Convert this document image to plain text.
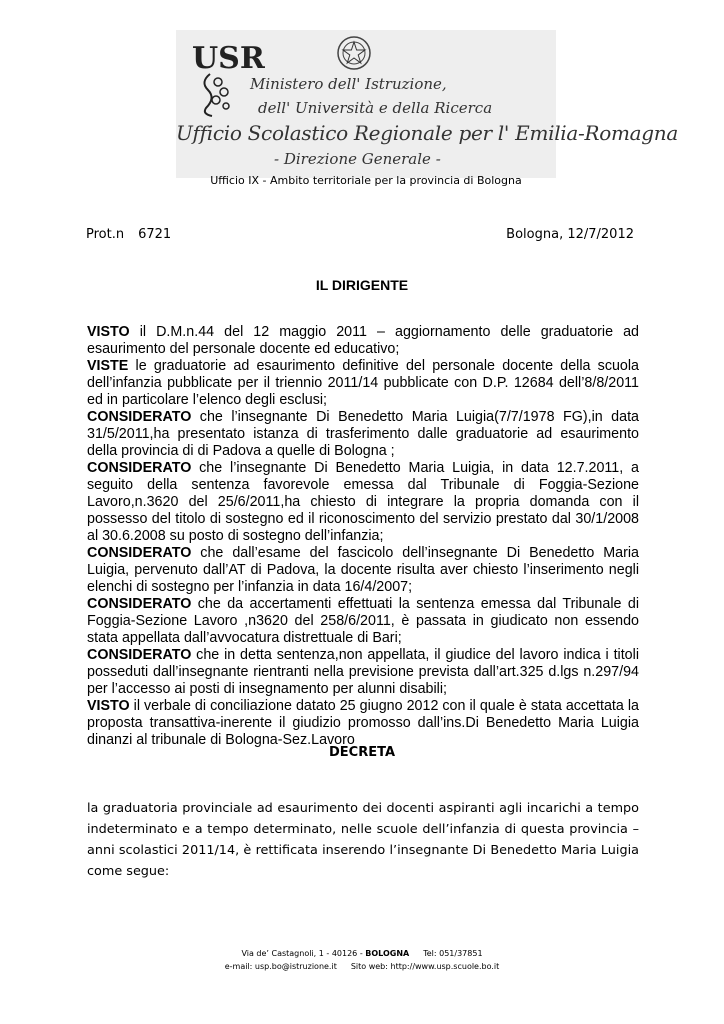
USR
Ministero dell' Istruzione,
dell' Università e della Ricerca
Ufficio Scolastico Regionale per l' Emilia-Romagna
- Direzione Generale -
Ufficio IX - Ambito territoriale per la provincia di Bologna
Prot.n 6721	Bologna, 12/7/2012
IL DIRIGENTE

VISTO il D.M.n.44 del 12 maggio 2011 – aggiornamento delle graduatorie ad esaurimento del personale docente ed educativo;

VISTE le graduatorie ad esaurimento definitive del personale docente della scuola dell’infanzia pubblicate per il triennio 2011/14 pubblicate con D.P. 12684 dell’8/8/2011 ed in particolare l’elenco degli esclusi;

CONSIDERATO che l’insegnante Di Benedetto Maria Luigia(7/7/1978 FG),in data 31/5/2011,ha presentato istanza di trasferimento dalle graduatorie ad esaurimento della provincia di di Padova a quelle di Bologna ;

CONSIDERATO che l’insegnante Di Benedetto Maria Luigia, in data 12.7.2011, a seguito della sentenza favorevole emessa dal Tribunale di Foggia-Sezione Lavoro,n.3620 del 25/6/2011,ha chiesto di integrare la propria domanda con il possesso del titolo di sostegno ed il riconoscimento del servizio prestato dal 30/1/2008 al 30.6.2008 su posto di sostegno dell’infanzia;

CONSIDERATO che dall’esame del fascicolo dell’insegnante Di Benedetto Maria Luigia, pervenuto dall’AT di Padova, la docente risulta aver chiesto l’inserimento negli elenchi di sostegno per l’infanzia in data 16/4/2007;

CONSIDERATO che da accertamenti effettuati la sentenza emessa dal Tribunale di Foggia-Sezione Lavoro ,n3620 del 258/6/2011, è passata in giudicato non essendo stata appellata dall’avvocatura distrettuale di Bari;

CONSIDERATO che in detta sentenza,non appellata, il giudice del lavoro indica i titoli posseduti dall’insegnante rientranti nella previsione prevista dall’art.325 d.lgs n.297/94 per l’accesso ai posti di insegnamento per alunni disabili;

VISTO il verbale di conciliazione datato 25 giugno 2012 con il quale è stata accettata la proposta transattiva-inerente il giudizio promosso dall’ins.Di Benedetto Maria Luigia dinanzi al tribunale di Bologna-Sez.Lavoro

DECRETA
la graduatoria provinciale ad esaurimento dei docenti aspiranti agli incarichi a tempo indeterminato e a tempo determinato, nelle scuole dell’infanzia di questa provincia – anni scolastici 2011/14, è rettificata inserendo l’insegnante Di Benedetto Maria Luigia come segue:
Via de’ Castagnoli, 1 - 40126 - BOLOGNA Tel: 051/37851
e-mail: usp.bo@istruzione.it Sito web: http://www.usp.scuole.bo.it
